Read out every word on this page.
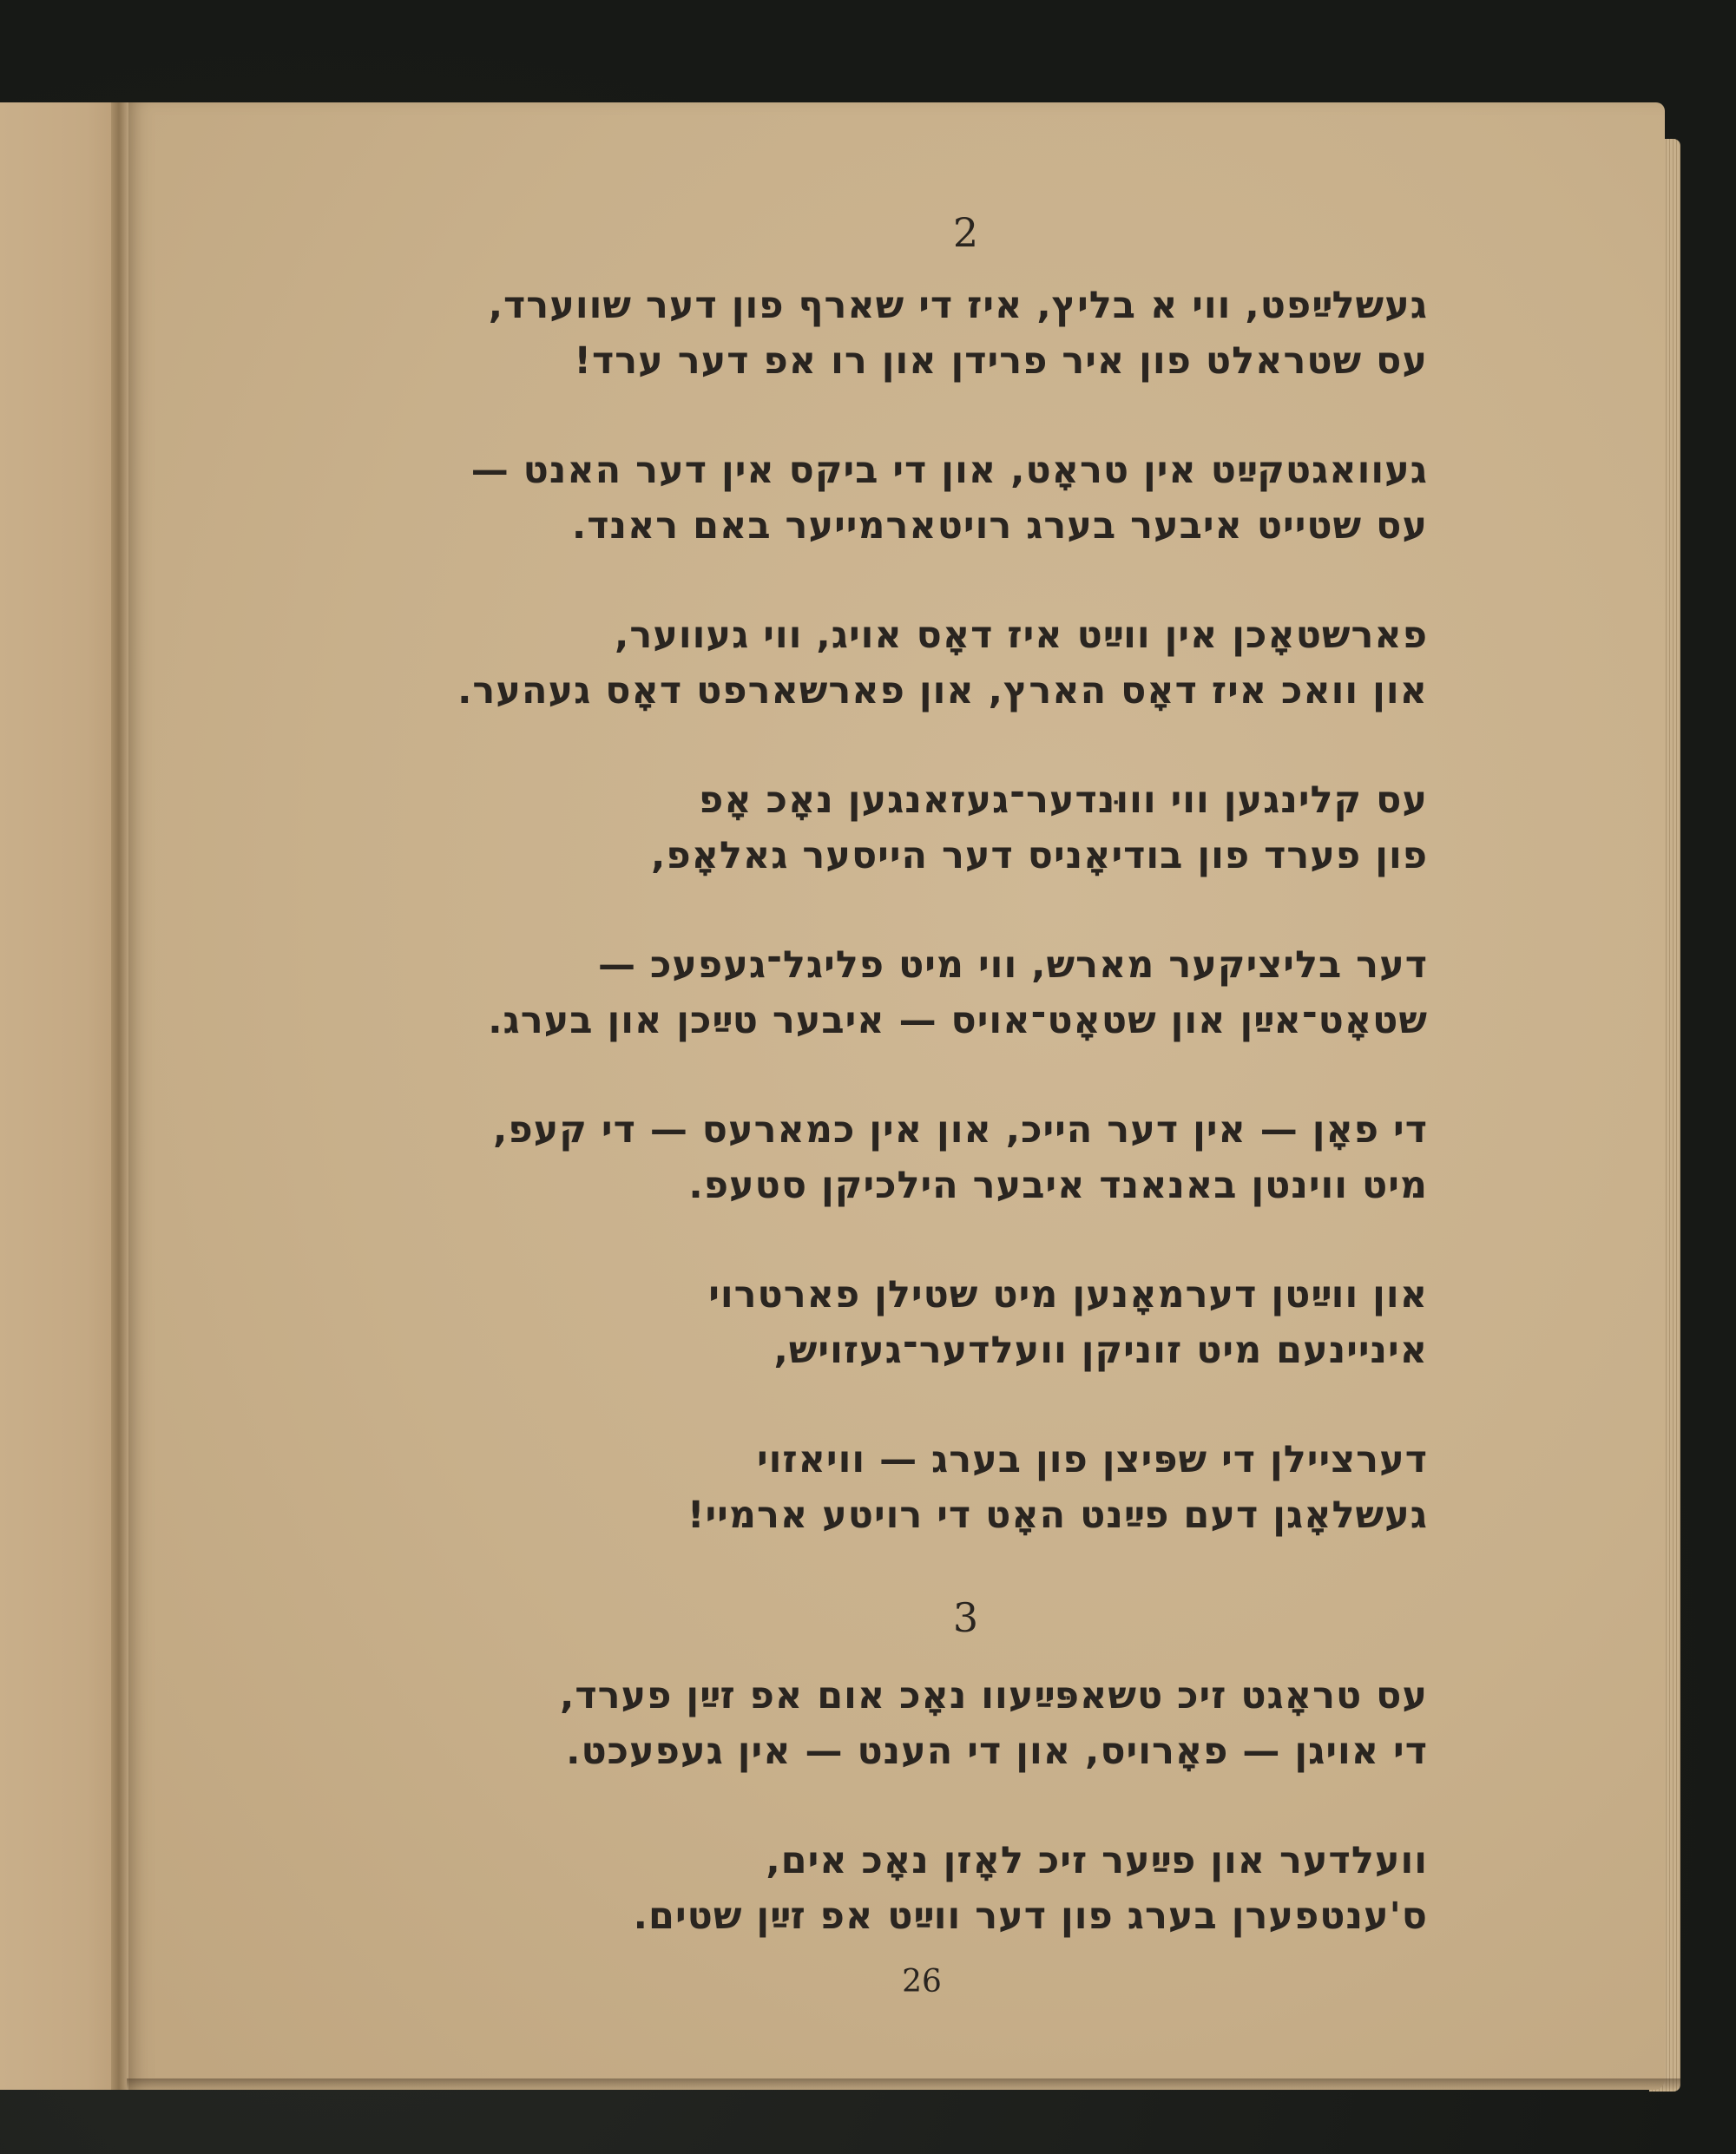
26
2
געשלײַפט, ווי א בליץ, איז די שארף פון דער שווערד,
עס שטראלט פון איר פרידן און רו אפ דער ערד!
געוואגטקײַט אין טראָט, און די ביקס אין דער האנט —
עס שטייט איבער בערג רויטארמייער באם ראנד.
פארשטאָכן אין ווײַט איז דאָס אויג, ווי געווער,
און וואכ איז דאָס הארץ, און פארשארפט דאָס געהער.
עס קלינגען ווי וווּנדער־געזאנגען נאָכ אָפ
פון פערד פון בודיאָניס דער הייסער גאלאָפ,
דער בליציקער מארש, ווי מיט פליגל־געפעכ —
שטאָט־אײַן און שטאָט־אויס — איבער טײַכן און בערג.
די פאָן — אין דער הייכ, און אין כמארעס — די קעפ,
מיט ווינטן באנאנד איבער הילכיקן סטעפ.
און ווײַטן דערמאָנען מיט שטילן פארטרוי
איניינעם מיט זוניקן וועלדער־געזויש,
דערציילן די שפּיצן פון בערג — וויאזוי
געשלאָגן דעם פײַנט האָט די רויטע ארמיי!
3
עס טראָגט זיכ טשאפּײַעוו נאָכ אום אפ זײַן פערד,
די אויגן — פאָרויס, און די הענט — אין געפעכט.
וועלדער און פײַער זיכ לאָזן נאָכ אים,
ס'ענטפערן בערג פון דער ווײַט אפ זײַן שטים.
